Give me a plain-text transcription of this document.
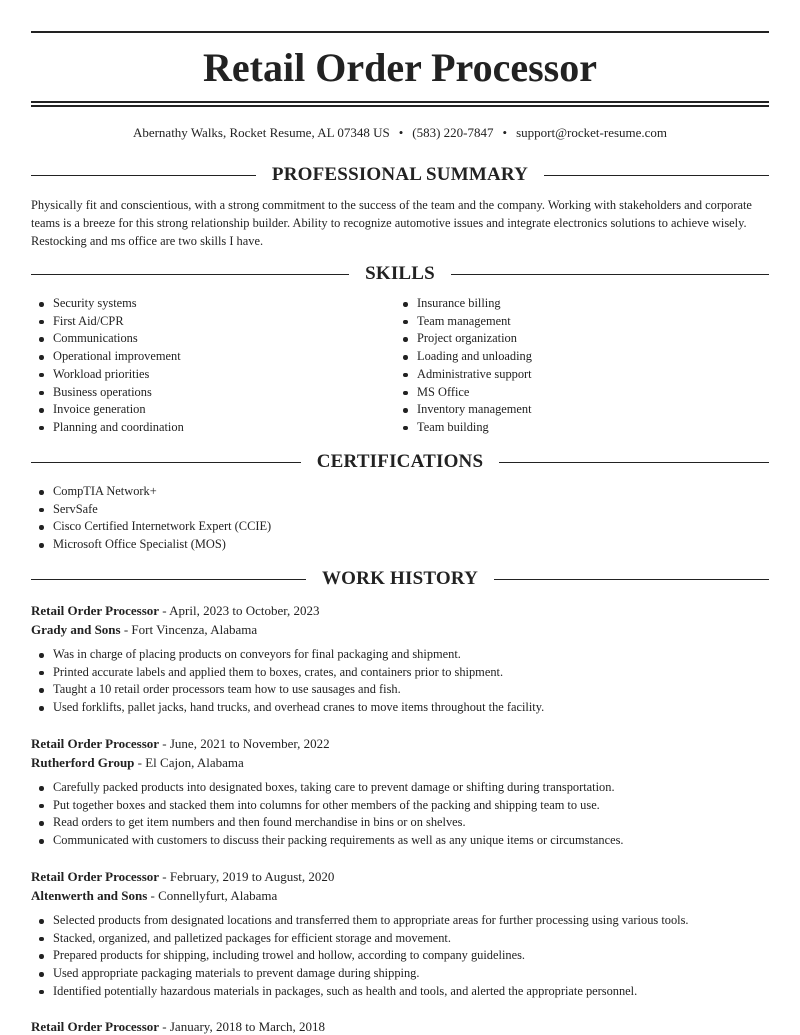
Retail Order Processor
Abernathy Walks, Rocket Resume, AL 07348 US • (583) 220-7847 • support@rocket-resume.com
PROFESSIONAL SUMMARY

Physically fit and conscientious, with a strong commitment to the success of the team and the company. Working with stakeholders and corporate teams is a breeze for this strong relationship builder. Ability to recognize automotive issues and integrate electronics solutions to achieve wisely. Restocking and ms office are two skills I have.

SKILLS
Security systems
First Aid/CPR
Communications
Operational improvement
Workload priorities
Business operations
Invoice generation
Planning and coordination
Insurance billing
Team management
Project organization
Loading and unloading
Administrative support
MS Office
Inventory management
Team building
CERTIFICATIONS
CompTIA Network+
ServSafe
Cisco Certified Internetwork Expert (CCIE)
Microsoft Office Specialist (MOS)
WORK HISTORY
Retail Order Processor - April, 2023 to October, 2023
Grady and Sons - Fort Vincenza, Alabama
Was in charge of placing products on conveyors for final packaging and shipment.
Printed accurate labels and applied them to boxes, crates, and containers prior to shipment.
Taught a 10 retail order processors team how to use sausages and fish.
Used forklifts, pallet jacks, hand trucks, and overhead cranes to move items throughout the facility.
Retail Order Processor - June, 2021 to November, 2022
Rutherford Group - El Cajon, Alabama
Carefully packed products into designated boxes, taking care to prevent damage or shifting during transportation.
Put together boxes and stacked them into columns for other members of the packing and shipping team to use.
Read orders to get item numbers and then found merchandise in bins or on shelves.
Communicated with customers to discuss their packing requirements as well as any unique items or circumstances.
Retail Order Processor - February, 2019 to August, 2020
Altenwerth and Sons - Connellyfurt, Alabama
Selected products from designated locations and transferred them to appropriate areas for further processing using various tools.
Stacked, organized, and palletized packages for efficient storage and movement.
Prepared products for shipping, including trowel and hollow, according to company guidelines.
Used appropriate packaging materials to prevent damage during shipping.
Identified potentially hazardous materials in packages, such as health and tools, and alerted the appropriate personnel.
Retail Order Processor - January, 2018 to March, 2018
